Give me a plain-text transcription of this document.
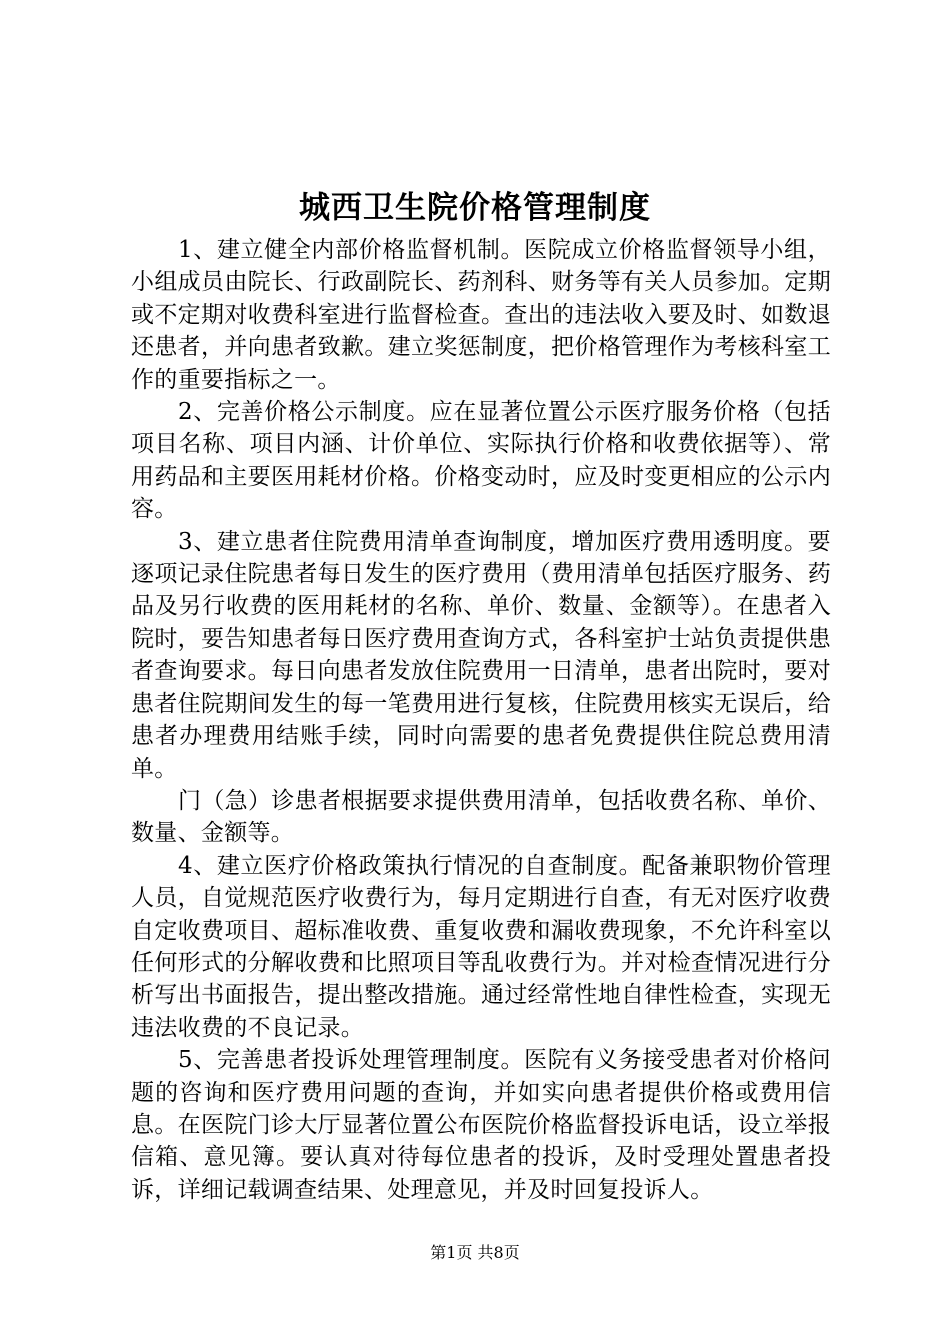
城西卫生院价格管理制度

1、建立健全内部价格监督机制。医院成立价格监督领导小组，小组成员由院长、行政副院长、药剂科、财务等有关人员参加。定期或不定期对收费科室进行监督检查。查出的违法收入要及时、如数退还患者，并向患者致歉。建立奖惩制度，把价格管理作为考核科室工作的重要指标之一。

2、完善价格公示制度。应在显著位置公示医疗服务价格（包括项目名称、项目内涵、计价单位、实际执行价格和收费依据等）、常用药品和主要医用耗材价格。价格变动时，应及时变更相应的公示内容。

3、建立患者住院费用清单查询制度，增加医疗费用透明度。要逐项记录住院患者每日发生的医疗费用（费用清单包括医疗服务、药品及另行收费的医用耗材的名称、单价、数量、金额等）。在患者入院时，要告知患者每日医疗费用查询方式，各科室护士站负责提供患者查询要求。每日向患者发放住院费用一日清单，患者出院时，要对患者住院期间发生的每一笔费用进行复核，住院费用核实无误后，给患者办理费用结账手续，同时向需要的患者免费提供住院总费用清单。

门（急）诊患者根据要求提供费用清单，包括收费名称、单价、数量、金额等。

4、建立医疗价格政策执行情况的自查制度。配备兼职物价管理人员，自觉规范医疗收费行为，每月定期进行自查，有无对医疗收费自定收费项目、超标准收费、重复收费和漏收费现象，不允许科室以任何形式的分解收费和比照项目等乱收费行为。并对检查情况进行分析写出书面报告，提出整改措施。通过经常性地自律性检查，实现无违法收费的不良记录。

5、完善患者投诉处理管理制度。医院有义务接受患者对价格问题的咨询和医疗费用问题的查询，并如实向患者提供价格或费用信息。在医院门诊大厅显著位置公布医院价格监督投诉电话，设立举报信箱、意见簿。要认真对待每位患者的投诉，及时受理处置患者投诉，详细记载调查结果、处理意见，并及时回复投诉人。

第1页 共8页
